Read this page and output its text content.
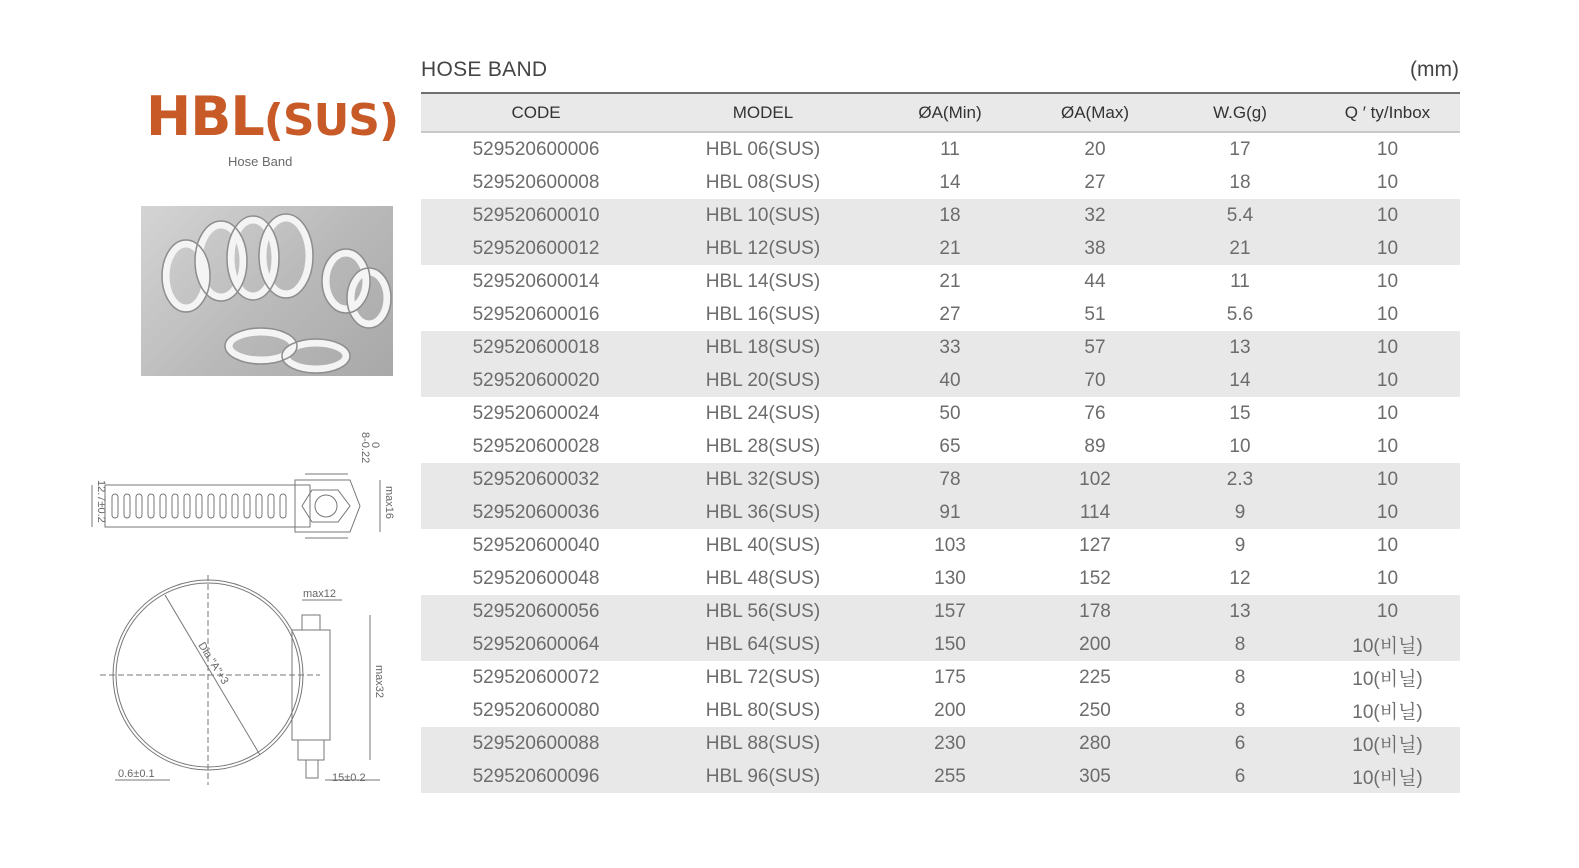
HBL(SUS)
Hose Band
12.7±0.2	max16
8-0.22
0
max12
max32
Dia."A"+3
0.6±0.1	15±0.2
HOSE BAND	(mm)
CODE	MODEL	ØA(Min)	ØA(Max)	W.G(g)	Q ′ ty/Inbox
529520600006	HBL 06(SUS)	11	20	17	10
529520600008	HBL 08(SUS)	14	27	18	10
529520600010	HBL 10(SUS)	18	32	5.4	10
529520600012	HBL 12(SUS)	21	38	21	10
529520600014	HBL 14(SUS)	21	44	11	10
529520600016	HBL 16(SUS)	27	51	5.6	10
529520600018	HBL 18(SUS)	33	57	13	10
529520600020	HBL 20(SUS)	40	70	14	10
529520600024	HBL 24(SUS)	50	76	15	10
529520600028	HBL 28(SUS)	65	89	10	10
529520600032	HBL 32(SUS)	78	102	2.3	10
529520600036	HBL 36(SUS)	91	114	9	10
529520600040	HBL 40(SUS)	103	127	9	10
529520600048	HBL 48(SUS)	130	152	12	10
529520600056	HBL 56(SUS)	157	178	13	10
529520600064	HBL 64(SUS)	150	200	8	10(비닐)
529520600072	HBL 72(SUS)	175	225	8	10(비닐)
529520600080	HBL 80(SUS)	200	250	8	10(비닐)
529520600088	HBL 88(SUS)	230	280	6	10(비닐)
529520600096	HBL 96(SUS)	255	305	6	10(비닐)
